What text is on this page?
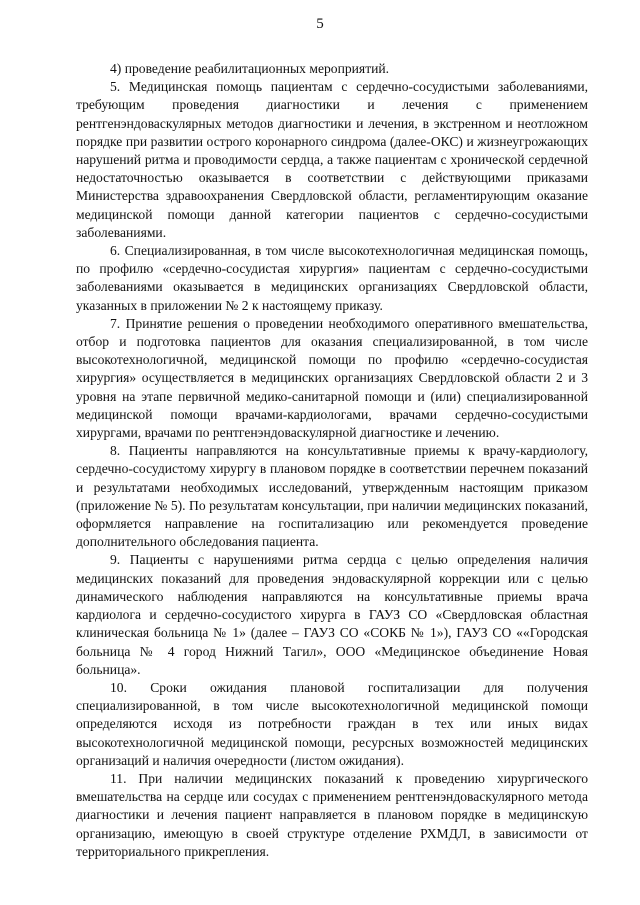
5

4) проведение реабилитационных мероприятий.

5. Медицинская помощь пациентам с сердечно-сосудистыми заболеваниями, требующим проведения диагностики и лечения с применением рентгенэндоваскулярных методов диагностики и лечения, в экстренном и неотложном порядке при развитии острого коронарного синдрома (далее-ОКС) и жизнеугрожающих нарушений ритма и проводимости сердца, а также пациентам с хронической сердечной недостаточностью оказывается в соответствии с действующими приказами Министерства здравоохранения Свердловской области, регламентирующим оказание медицинской помощи данной категории пациентов с сердечно-сосудистыми заболеваниями.

6. Специализированная, в том числе высокотехнологичная медицинская помощь, по профилю «сердечно-сосудистая хирургия» пациентам с сердечно-сосудистыми заболеваниями оказывается в медицинских организациях Свердловской области, указанных в приложении № 2 к настоящему приказу.

7. Принятие решения о проведении необходимого оперативного вмешательства, отбор и подготовка пациентов для оказания специализированной, в том числе высокотехнологичной, медицинской помощи по профилю «сердечно-сосудистая хирургия» осуществляется в медицинских организациях Свердловской области 2 и 3 уровня на этапе первичной медико-санитарной помощи и (или) специализированной медицинской помощи врачами-кардиологами, врачами сердечно-сосудистыми хирургами, врачами по рентгенэндоваскулярной диагностике и лечению.

8. Пациенты направляются на консультативные приемы к врачу-кардиологу, сердечно-сосудистому хирургу в плановом порядке в соответствии перечнем показаний и результатами необходимых исследований, утвержденным настоящим приказом (приложение № 5). По результатам консультации, при наличии медицинских показаний, оформляется направление на госпитализацию или рекомендуется проведение дополнительного обследования пациента.

9. Пациенты с нарушениями ритма сердца с целью определения наличия медицинских показаний для проведения эндоваскулярной коррекции или с целью динамического наблюдения направляются на консультативные приемы врача кардиолога и сердечно-сосудистого хирурга в ГАУЗ СО «Свердловская областная клиническая больница № 1» (далее – ГАУЗ СО «СОКБ № 1»), ГАУЗ СО ««Городская больница № 4 город Нижний Тагил», ООО «Медицинское объединение Новая больница».

10. Сроки ожидания плановой госпитализации для получения специализированной, в том числе высокотехнологичной медицинской помощи определяются исходя из потребности граждан в тех или иных видах высокотехнологичной медицинской помощи, ресурсных возможностей медицинских организаций и наличия очередности (листом ожидания).

11. При наличии медицинских показаний к проведению хирургического вмешательства на сердце или сосудах с применением рентгенэндоваскулярного метода диагностики и лечения пациент направляется в плановом порядке в медицинскую организацию, имеющую в своей структуре отделение РХМДЛ, в зависимости от территориального прикрепления.
